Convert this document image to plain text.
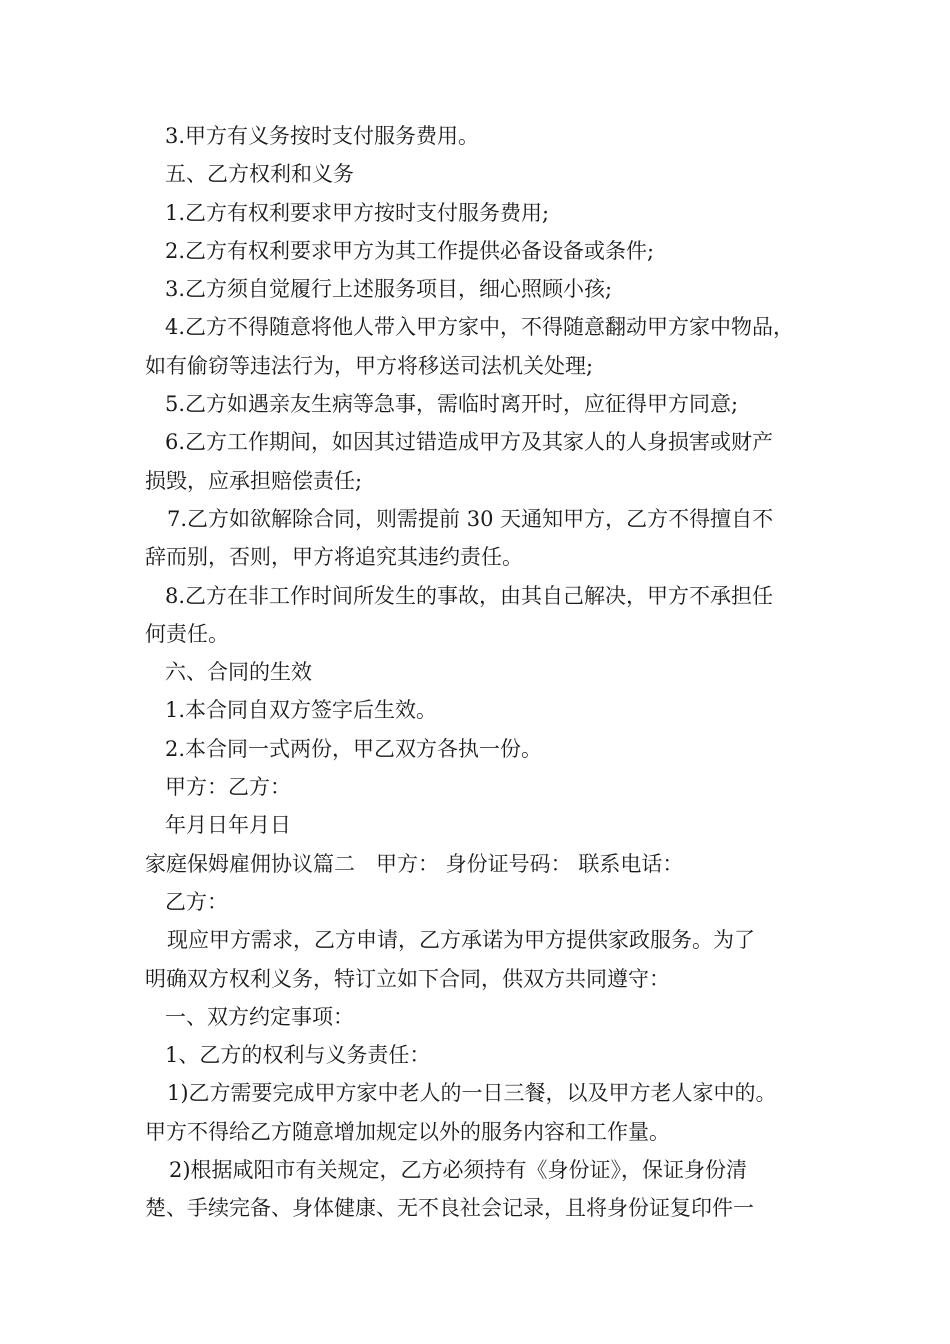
3.甲方有义务按时支付服务费用。
五、乙方权利和义务
1.乙方有权利要求甲方按时支付服务费用;
2.乙方有权利要求甲方为其工作提供必备设备或条件;
3.乙方须自觉履行上述服务项目，细心照顾小孩;
4.乙方不得随意将他人带入甲方家中，不得随意翻动甲方家中物品，
如有偷窃等违法行为，甲方将移送司法机关处理;
5.乙方如遇亲友生病等急事，需临时离开时，应征得甲方同意;
6.乙方工作期间，如因其过错造成甲方及其家人的人身损害或财产
损毁，应承担赔偿责任;
7.乙方如欲解除合同，则需提前 30 天通知甲方，乙方不得擅自不
辞而别，否则，甲方将追究其违约责任。
8.乙方在非工作时间所发生的事故，由其自己解决，甲方不承担任
何责任。
六、合同的生效
1.本合同自双方签字后生效。
2.本合同一式两份，甲乙双方各执一份。
甲方：乙方：
年月日年月日
家庭保姆雇佣协议篇二　甲方： 身份证号码： 联系电话：
乙方：
现应甲方需求，乙方申请，乙方承诺为甲方提供家政服务。为了
明确双方权利义务，特订立如下合同，供双方共同遵守：
一、双方约定事项：
1、乙方的权利与义务责任：
1)乙方需要完成甲方家中老人的一日三餐，以及甲方老人家中的。
甲方不得给乙方随意增加规定以外的服务内容和工作量。
2)根据咸阳市有关规定，乙方必须持有《身份证》，保证身份清
楚、手续完备、身体健康、无不良社会记录，且将身份证复印件一
